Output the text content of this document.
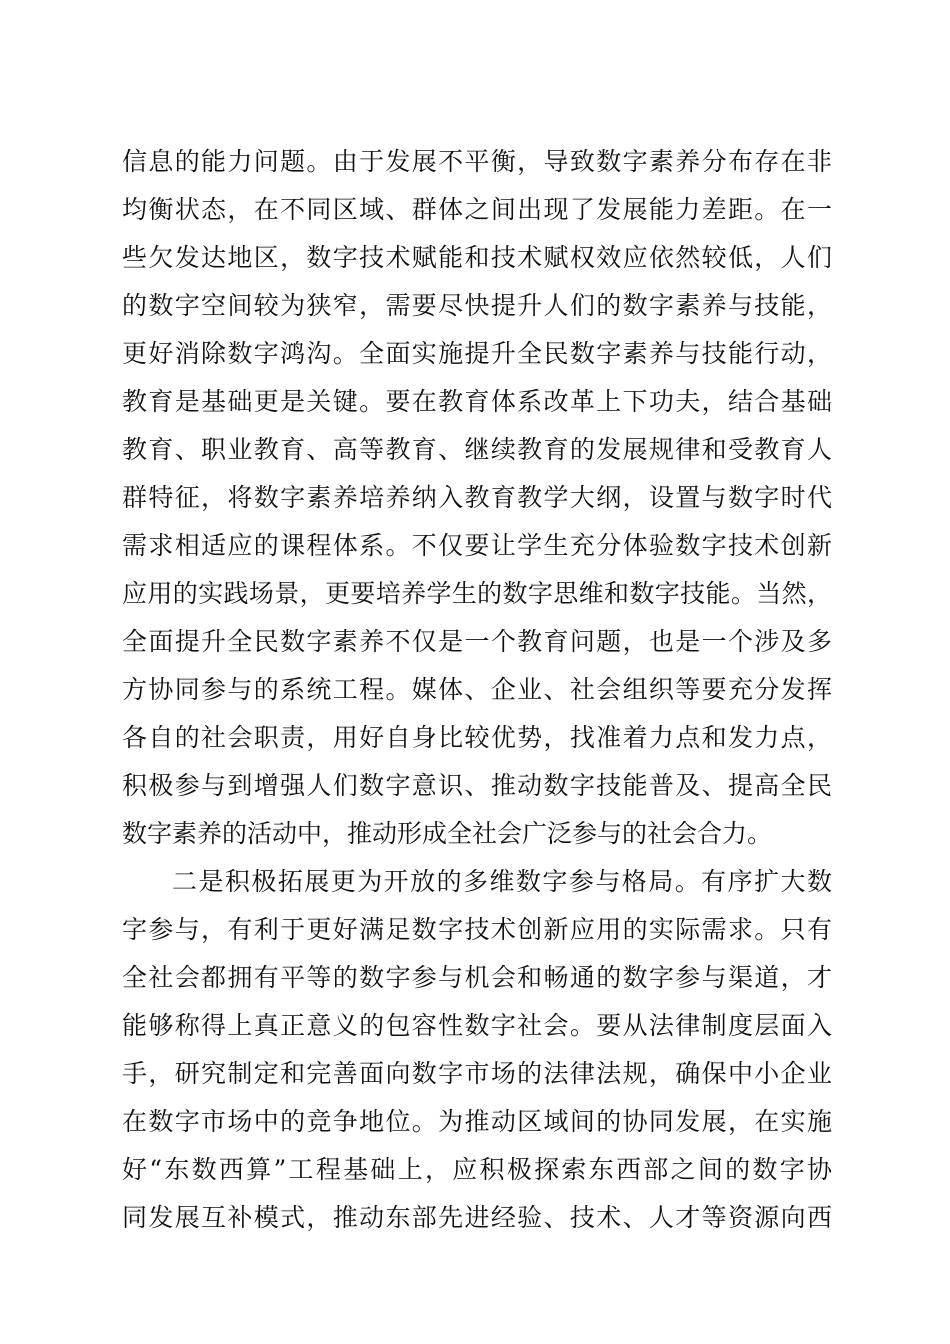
信息的能力问题。由于发展不平衡，导致数字素养分布存在非
均衡状态，在不同区域、群体之间出现了发展能力差距。在一
些欠发达地区，数字技术赋能和技术赋权效应依然较低，人们
的数字空间较为狭窄，需要尽快提升人们的数字素养与技能，
更好消除数字鸿沟。全面实施提升全民数字素养与技能行动，
教育是基础更是关键。要在教育体系改革上下功夫，结合基础
教育、职业教育、高等教育、继续教育的发展规律和受教育人
群特征，将数字素养培养纳入教育教学大纲，设置与数字时代
需求相适应的课程体系。不仅要让学生充分体验数字技术创新
应用的实践场景，更要培养学生的数字思维和数字技能。当然，
全面提升全民数字素养不仅是一个教育问题，也是一个涉及多
方协同参与的系统工程。媒体、企业、社会组织等要充分发挥
各自的社会职责，用好自身比较优势，找准着力点和发力点，
积极参与到增强人们数字意识、推动数字技能普及、提高全民
数字素养的活动中，推动形成全社会广泛参与的社会合力。
二是积极拓展更为开放的多维数字参与格局。有序扩大数
字参与，有利于更好满足数字技术创新应用的实际需求。只有
全社会都拥有平等的数字参与机会和畅通的数字参与渠道，才
能够称得上真正意义的包容性数字社会。要从法律制度层面入
手，研究制定和完善面向数字市场的法律法规，确保中小企业
在数字市场中的竞争地位。为推动区域间的协同发展，在实施
好“东数西算”工程基础上，应积极探索东西部之间的数字协
同发展互补模式，推动东部先进经验、技术、人才等资源向西
